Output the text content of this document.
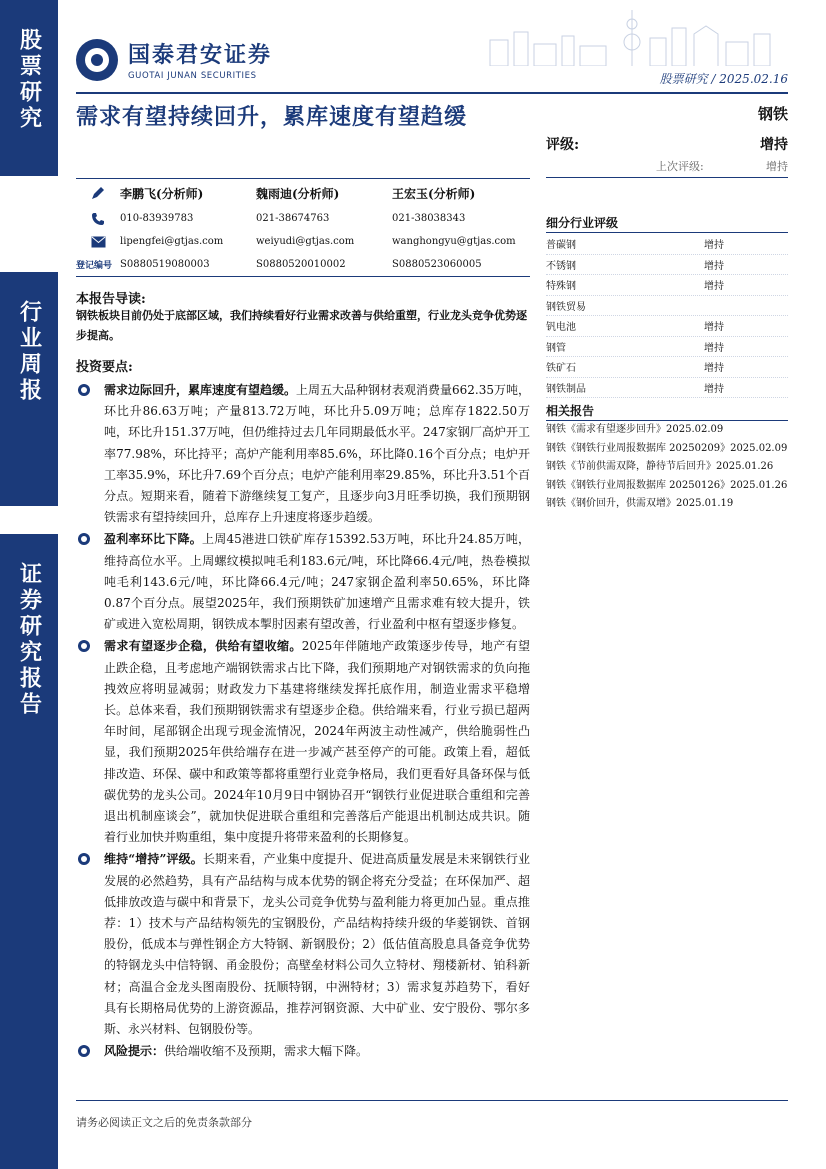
股票研究
行业周报
证券研究报告
国泰君安证券
GUOTAI JUNAN SECURITIES	股票研究 / 2025.02.16
需求有望持续回升，累库速度有望趋缓	钢铁
评级:	增持
上次评级:	增持
李鹏飞(分析师)	魏雨迪(分析师)	王宏玉(分析师)
010-83939783	021-38674763	021-38038343
lipengfei@gtjas.com	weiyudi@gtjas.com	wanghongyu@gtjas.com
登记编号 S0880519080003	S0880520010002	S0880523060005
本报告导读:
钢铁板块目前仍处于底部区域，我们持续看好行业需求改善与供给重塑，行业龙头竞争优势逐步提高。
投资要点:
需求边际回升，累库速度有望趋缓。上周五大品种钢材表观消费量662.35万吨，环比升86.63万吨；产量813.72万吨，环比升5.09万吨；总库存1822.50万吨，环比升151.37万吨，但仍维持过去几年同期最低水平。247家钢厂高炉开工率77.98%，环比持平；高炉产能利用率85.6%，环比降0.16个百分点；电炉开工率35.9%，环比升7.69个百分点；电炉产能利用率29.85%，环比升3.51个百分点。短期来看，随着下游继续复工复产，且逐步向3月旺季切换，我们预期钢铁需求有望持续回升，总库存上升速度将逐步趋缓。
盈利率环比下降。上周45港进口铁矿库存15392.53万吨，环比升24.85万吨，维持高位水平。上周螺纹模拟吨毛利183.6元/吨，环比降66.4元/吨，热卷模拟吨毛利143.6元/吨，环比降66.4元/吨；247家钢企盈利率50.65%，环比降0.87个百分点。展望2025年，我们预期铁矿加速增产且需求难有较大提升，铁矿或进入宽松周期，钢铁成本掣肘因素有望改善，行业盈利中枢有望逐步修复。
需求有望逐步企稳，供给有望收缩。2025年伴随地产政策逐步传导，地产有望止跌企稳，且考虑地产端钢铁需求占比下降，我们预期地产对钢铁需求的负向拖拽效应将明显减弱；财政发力下基建将继续发挥托底作用，制造业需求平稳增长。总体来看，我们预期钢铁需求有望逐步企稳。供给端来看，行业亏损已超两年时间，尾部钢企出现亏现金流情况，2024年两波主动性减产，供给脆弱性凸显，我们预期2025年供给端存在进一步减产甚至停产的可能。政策上看，超低排改造、环保、碳中和政策等都将重塑行业竞争格局，我们更看好具备环保与低碳优势的龙头公司。2024年10月9日中钢协召开“钢铁行业促进联合重组和完善退出机制座谈会”，就加快促进联合重组和完善落后产能退出机制达成共识。随着行业加快并购重组，集中度提升将带来盈利的长期修复。
维持“增持”评级。长期来看，产业集中度提升、促进高质量发展是未来钢铁行业发展的必然趋势，具有产品结构与成本优势的钢企将充分受益；在环保加严、超低排放改造与碳中和背景下，龙头公司竞争优势与盈利能力将更加凸显。重点推荐：1）技术与产品结构领先的宝钢股份，产品结构持续升级的华菱钢铁、首钢股份，低成本与弹性钢企方大特钢、新钢股份；2）低估值高股息具备竞争优势的特钢龙头中信特钢、甬金股份；高壁垒材料公司久立特材、翔楼新材、铂科新材；高温合金龙头图南股份、抚顺特钢，中洲特材；3）需求复苏趋势下，看好具有长期格局优势的上游资源品，推荐河钢资源、大中矿业、安宁股份、鄂尔多斯、永兴材料、包钢股份等。
风险提示：供给端收缩不及预期，需求大幅下降。
细分行业评级
普碳钢	增持
不锈钢	增持
特殊钢	增持
钢铁贸易
钒电池	增持
钢管	增持
铁矿石	增持
钢铁制品	增持
相关报告
钢铁《需求有望逐步回升》2025.02.09
钢铁《钢铁行业周报数据库 20250209》2025.02.09
钢铁《节前供需双降，静待节后回升》2025.01.26
钢铁《钢铁行业周报数据库 20250126》2025.01.26
钢铁《钢价回升，供需双增》2025.01.19
请务必阅读正文之后的免责条款部分
